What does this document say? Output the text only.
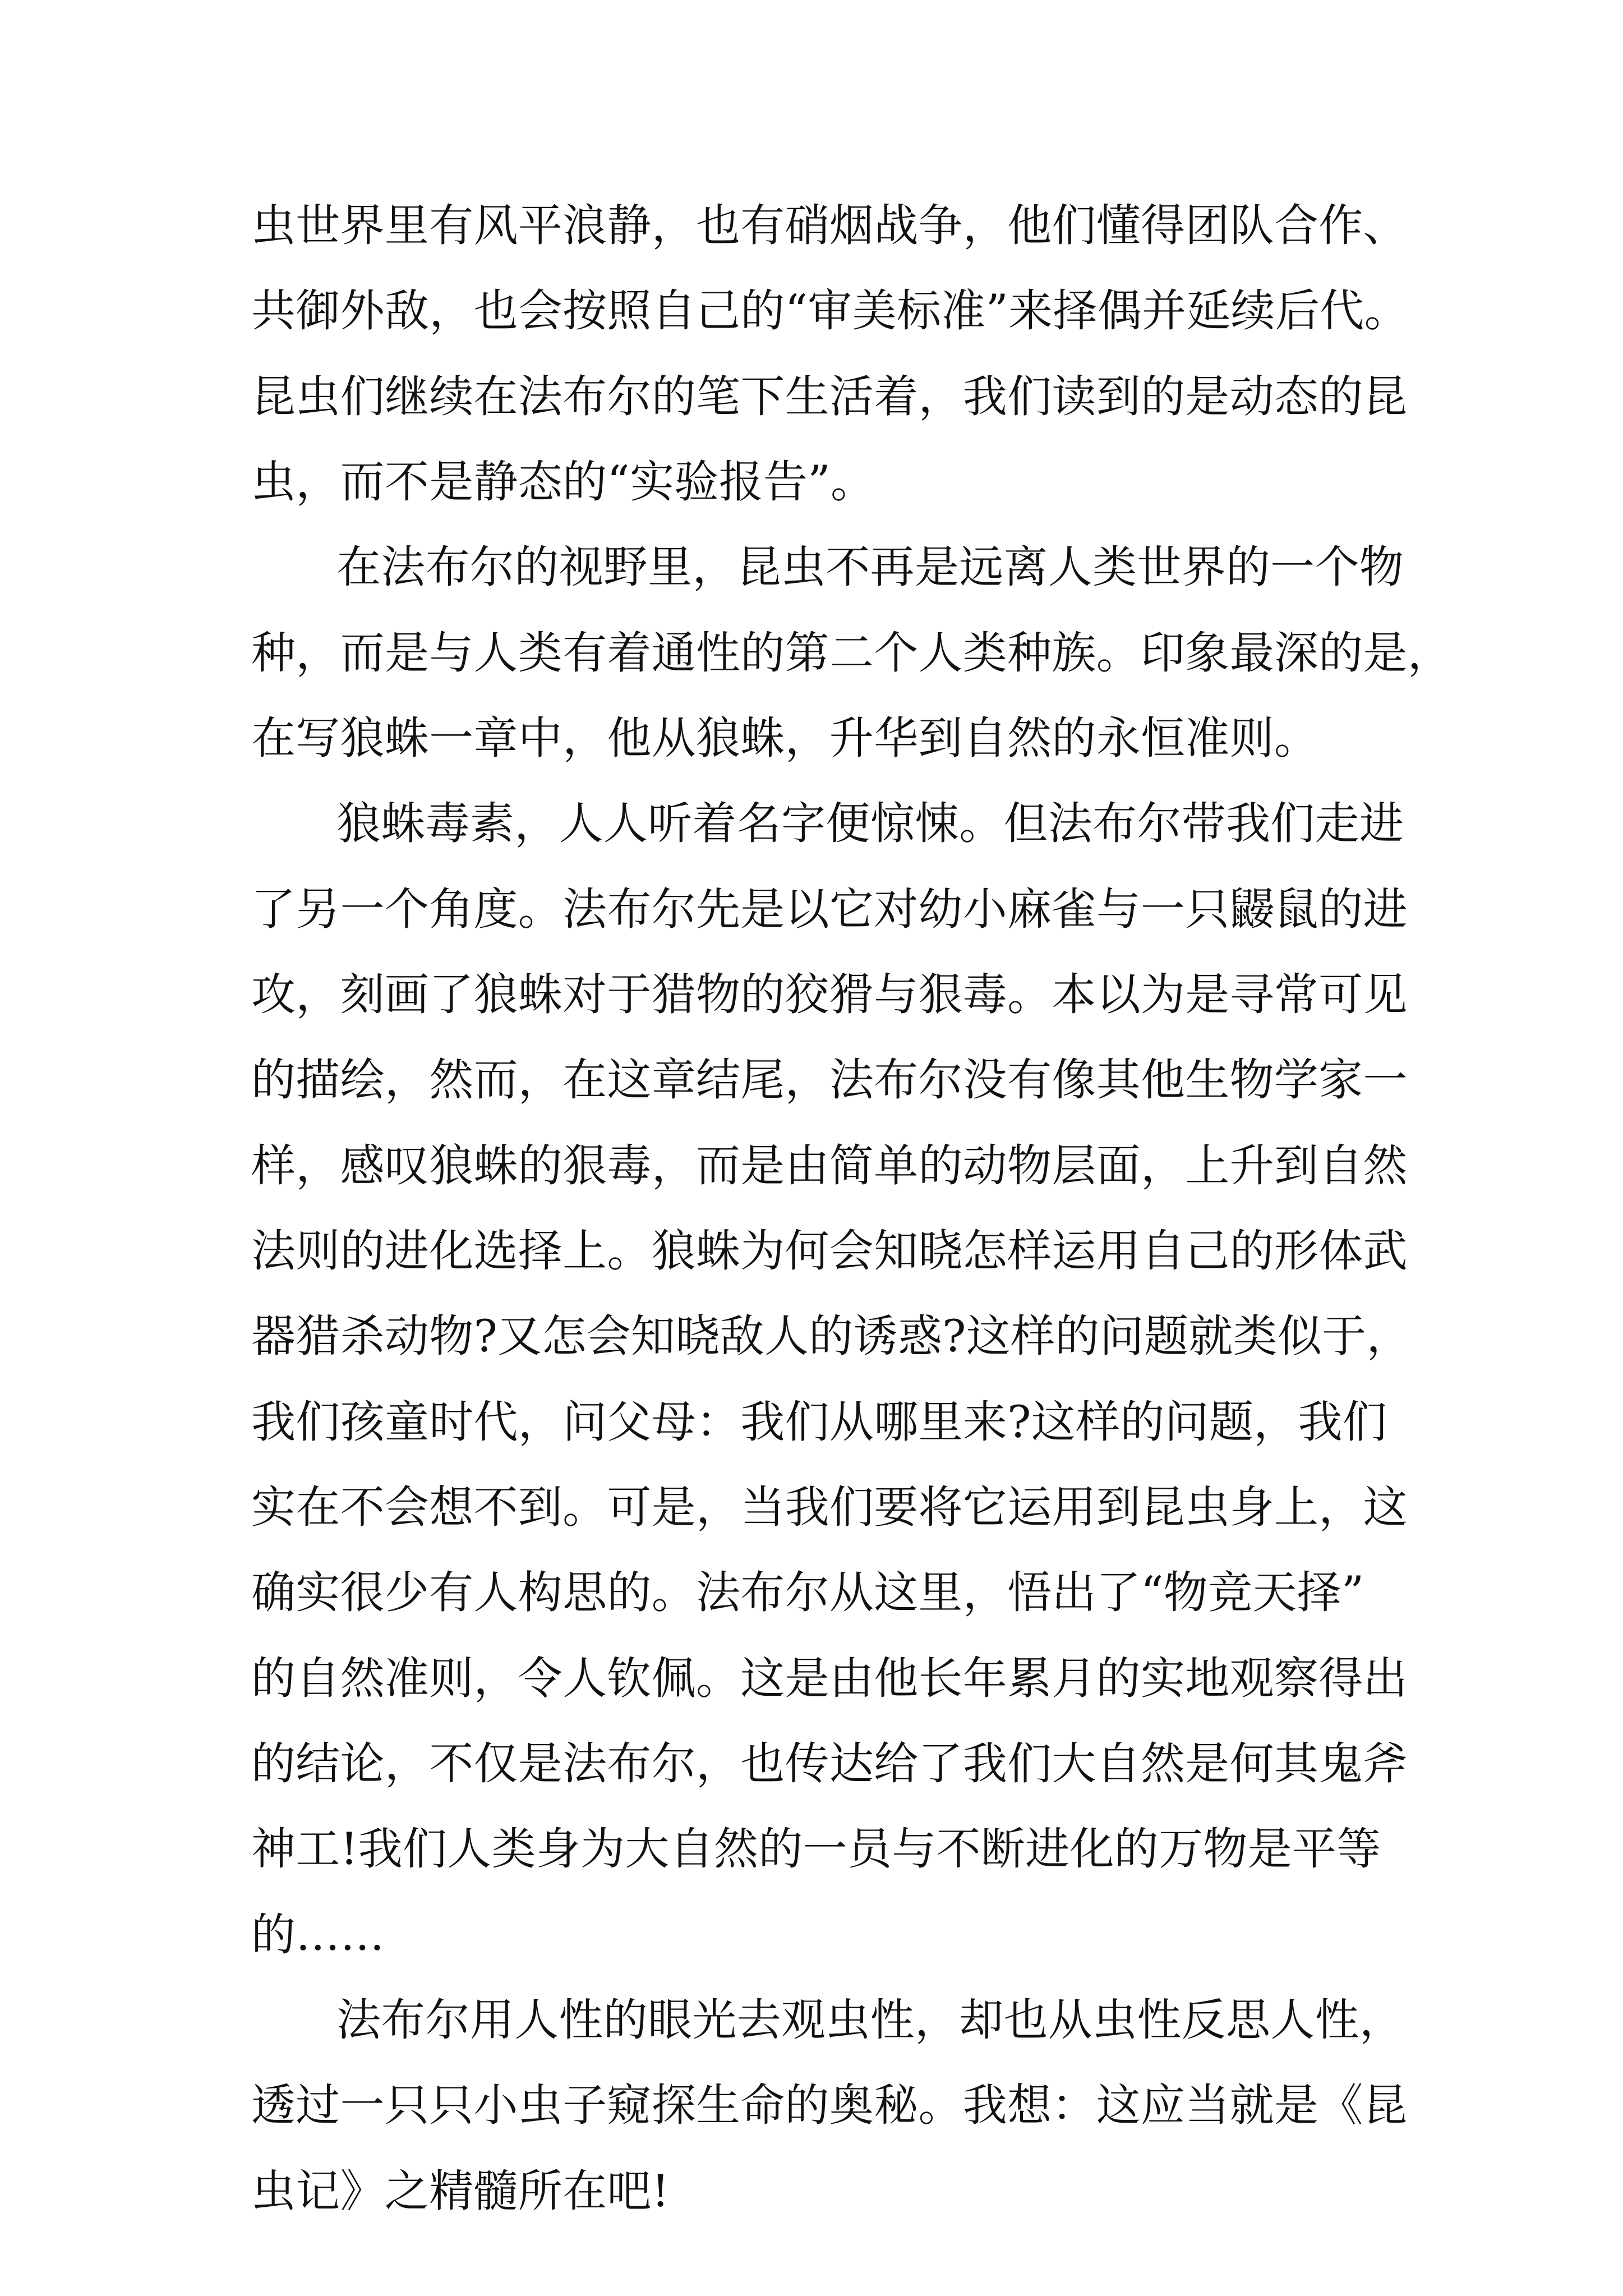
虫世界里有风平浪静，也有硝烟战争，他们懂得团队合作、
共御外敌，也会按照自己的“审美标准”来择偶并延续后代。
昆虫们继续在法布尔的笔下生活着，我们读到的是动态的昆
虫，而不是静态的“实验报告”。
在法布尔的视野里，昆虫不再是远离人类世界的一个物
种，而是与人类有着通性的第二个人类种族。印象最深的是，
在写狼蛛一章中，他从狼蛛，升华到自然的永恒准则。
狼蛛毒素，人人听着名字便惊悚。但法布尔带我们走进
了另一个角度。法布尔先是以它对幼小麻雀与一只鼹鼠的进
攻，刻画了狼蛛对于猎物的狡猾与狠毒。本以为是寻常可见
的描绘，然而，在这章结尾，法布尔没有像其他生物学家一
样，感叹狼蛛的狠毒，而是由简单的动物层面，上升到自然
法则的进化选择上。狼蛛为何会知晓怎样运用自己的形体武
器猎杀动物?又怎会知晓敌人的诱惑?这样的问题就类似于，
我们孩童时代，问父母：我们从哪里来?这样的问题，我们
实在不会想不到。可是，当我们要将它运用到昆虫身上，这
确实很少有人构思的。法布尔从这里，悟出了“物竞天择”
的自然准则，令人钦佩。这是由他长年累月的实地观察得出
的结论，不仅是法布尔，也传达给了我们大自然是何其鬼斧
神工!我们人类身为大自然的一员与不断进化的万物是平等
的……
法布尔用人性的眼光去观虫性，却也从虫性反思人性，
透过一只只小虫子窥探生命的奥秘。我想：这应当就是《昆
虫记》之精髓所在吧!
